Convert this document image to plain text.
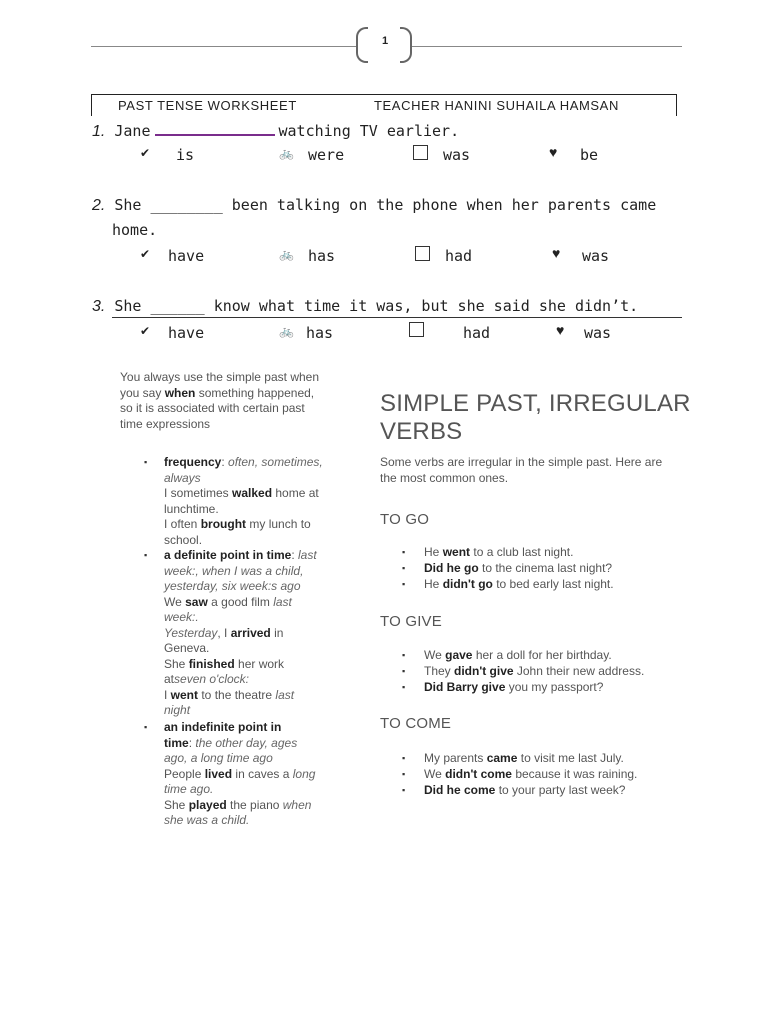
1
PAST TENSE WORKSHEET	TEACHER HANINI SUHAILA HAMSAN
1. Jane	watching TV earlier.
✔ is	🚲 were	was	♥ be
2. She ________ been talking on the phone when her parents came
home.
✔ have	🚲 has	had	♥ was
3. She ______ know what time it was, but she said she didn’t.
✔ have	🚲 has	had	♥ was
You always use the simple past when
you say when something happened,
so it is associated with certain past
time expressions
▪ frequency: often, sometimes,
always
I sometimes walked home at
lunchtime.
I often brought my lunch to
school.
▪ a definite point in time: last
week:, when I was a child,
yesterday, six week:s ago
We saw a good film last
week:.
Yesterday, I arrived in
Geneva.
She finished her work
atseven o'clock:
I went to the theatre last
night
▪ an indefinite point in
time: the other day, ages
ago, a long time ago
People lived in caves a long
time ago.
She played the piano when
she was a child.
SIMPLE PAST, IRREGULAR
VERBS
Some verbs are irregular in the simple past. Here are
the most common ones.
TO GO
▪ He went to a club last night.
▪ Did he go to the cinema last night?
▪ He didn't go to bed early last night.
TO GIVE
▪ We gave her a doll for her birthday.
▪ They didn't give John their new address.
▪ Did Barry give you my passport?
TO COME
▪ My parents came to visit me last July.
▪ We didn't come because it was raining.
▪ Did he come to your party last week?
